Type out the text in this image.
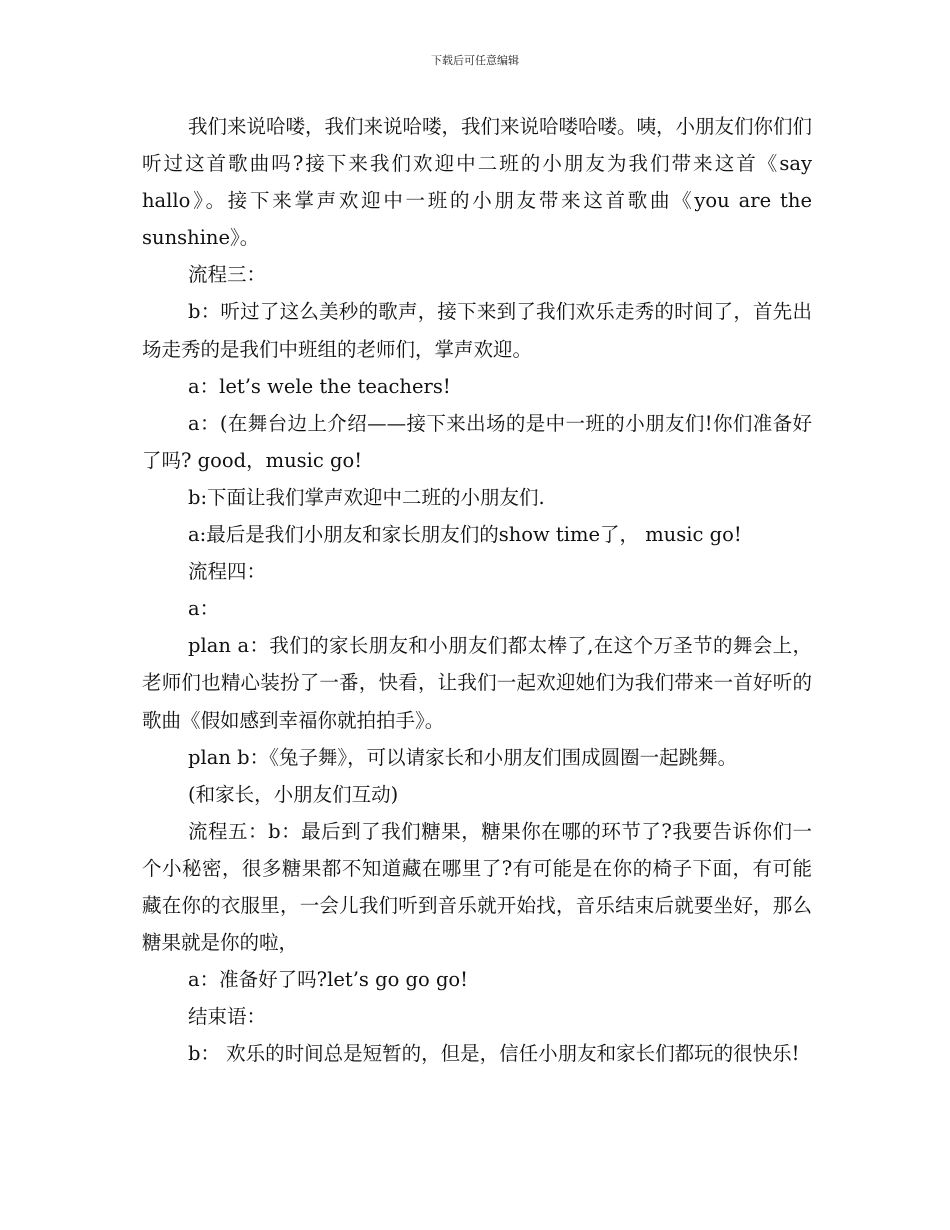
下载后可任意编辑

我们来说哈喽，我们来说哈喽，我们来说哈喽哈喽。咦，小朋友们你们们听过这首歌曲吗?接下来我们欢迎中二班的小朋友为我们带来这首《say hallo》。接下来掌声欢迎中一班的小朋友带来这首歌曲《you are the sunshine》。

流程三：

b：听过了这么美秒的歌声，接下来到了我们欢乐走秀的时间了，首先出场走秀的是我们中班组的老师们，掌声欢迎。

a：let’s wele the teachers!

a：(在舞台边上介绍——接下来出场的是中一班的小朋友们!你们准备好了吗? good，music go!

b:下面让我们掌声欢迎中二班的小朋友们.

a:最后是我们小朋友和家长朋友们的show time了， music go!

流程四：

a：

plan a：我们的家长朋友和小朋友们都太棒了,在这个万圣节的舞会上，老师们也精心装扮了一番，快看，让我们一起欢迎她们为我们带来一首好听的歌曲《假如感到幸福你就拍拍手》。

plan b：《兔子舞》，可以请家长和小朋友们围成圆圈一起跳舞。

(和家长，小朋友们互动)

流程五：b：最后到了我们糖果，糖果你在哪的环节了?我要告诉你们一个小秘密，很多糖果都不知道藏在哪里了?有可能是在你的椅子下面，有可能藏在你的衣服里，一会儿我们听到音乐就开始找，音乐结束后就要坐好，那么糖果就是你的啦，

a：准备好了吗?let’s go go go!

结束语：

b： 欢乐的时间总是短暂的，但是，信任小朋友和家长们都玩的很快乐!
